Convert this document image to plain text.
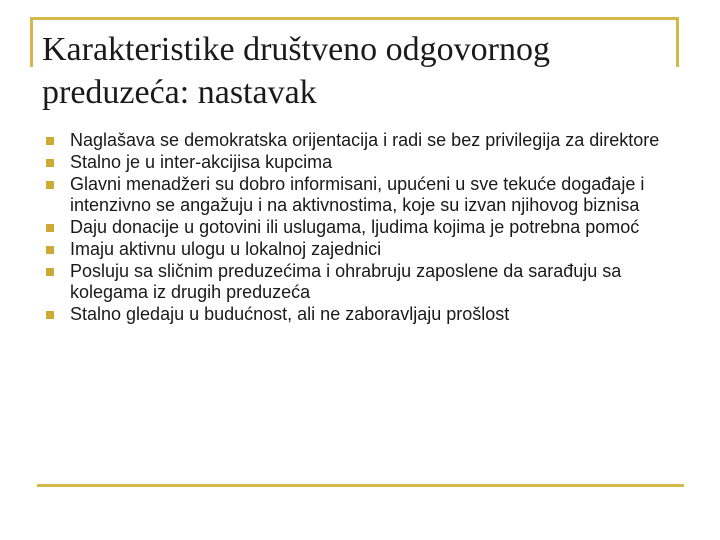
Karakteristike društveno odgovornog
preduzeća: nastavak
Naglašava se demokratska orijentacija i radi se bez privilegija za direktore
Stalno je u inter-akcijisa kupcima
Glavni menadžeri su dobro informisani, upućeni u sve tekuće događaje i intenzivno se angažuju i na aktivnostima, koje su izvan njihovog biznisa
Daju donacije u gotovini ili uslugama, ljudima kojima je potrebna pomoć
Imaju aktivnu ulogu u lokalnoj zajednici
Posluju sa sličnim preduzećima i ohrabruju zaposlene da sarađuju sa kolegama iz drugih preduzeća
Stalno gledaju u budućnost, ali ne zaboravljaju prošlost
